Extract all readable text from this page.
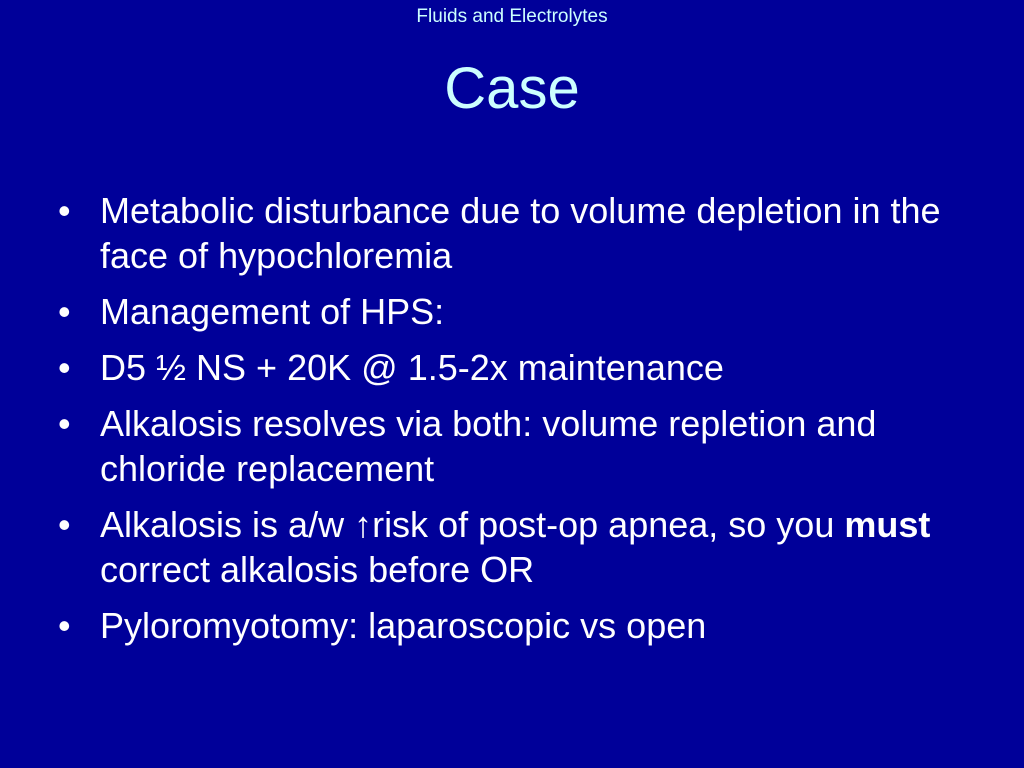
Fluids and Electrolytes
Case
• Metabolic disturbance due to volume depletion in the face of hypochloremia
• Management of HPS:
• D5 ½ NS + 20K @ 1.5-2x maintenance
• Alkalosis resolves via both: volume repletion and chloride replacement
• Alkalosis is a/w ↑risk of post-op apnea, so you must correct alkalosis before OR
• Pyloromyotomy: laparoscopic vs open
